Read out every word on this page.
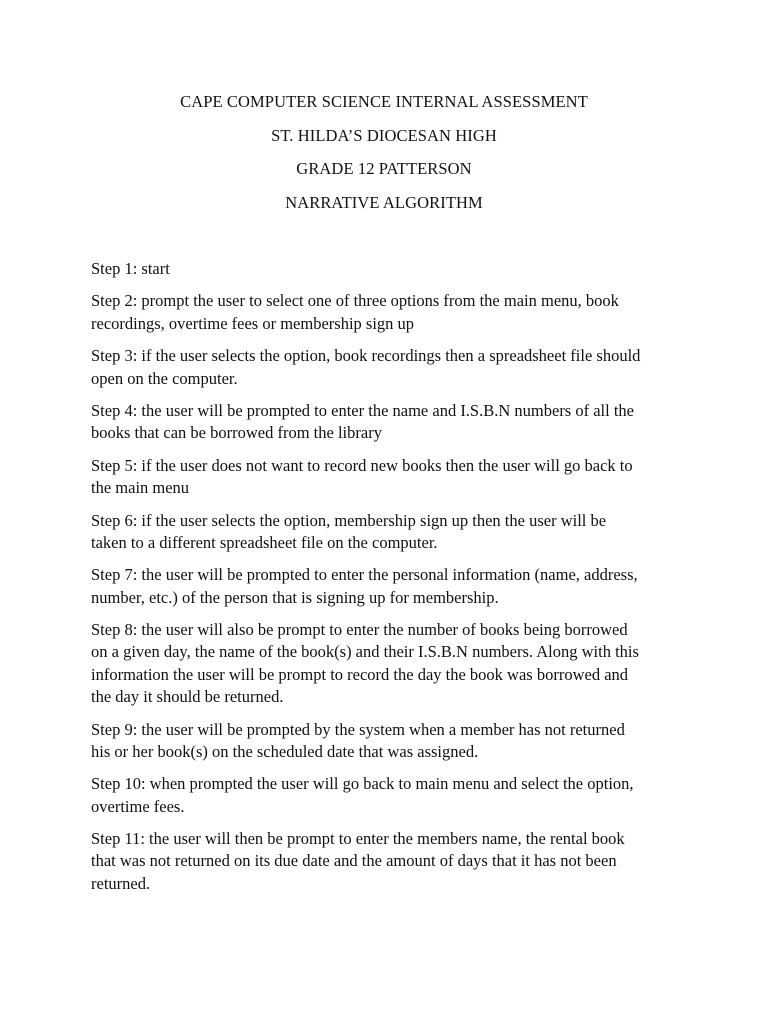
CAPE COMPUTER SCIENCE INTERNAL ASSESSMENT
ST. HILDA’S DIOCESAN HIGH
GRADE 12 PATTERSON
NARRATIVE ALGORITHM
Step 1: start
Step 2: prompt the user to select one of three options from the main menu, book
recordings, overtime fees or membership sign up
Step 3: if the user selects the option, book recordings then a spreadsheet file should
open on the computer.
Step 4: the user will be prompted to enter the name and I.S.B.N numbers of all the
books that can be borrowed from the library
Step 5: if the user does not want to record new books then the user will go back to
the main menu
Step 6: if the user selects the option, membership sign up then the user will be
taken to a different spreadsheet file on the computer.
Step 7: the user will be prompted to enter the personal information (name, address,
number, etc.) of the person that is signing up for membership.
Step 8: the user will also be prompt to enter the number of books being borrowed
on a given day, the name of the book(s) and their I.S.B.N numbers. Along with this
information the user will be prompt to record the day the book was borrowed and
the day it should be returned.
Step 9: the user will be prompted by the system when a member has not returned
his or her book(s) on the scheduled date that was assigned.
Step 10: when prompted the user will go back to main menu and select the option,
overtime fees.
Step 11: the user will then be prompt to enter the members name, the rental book
that was not returned on its due date and the amount of days that it has not been
returned.
